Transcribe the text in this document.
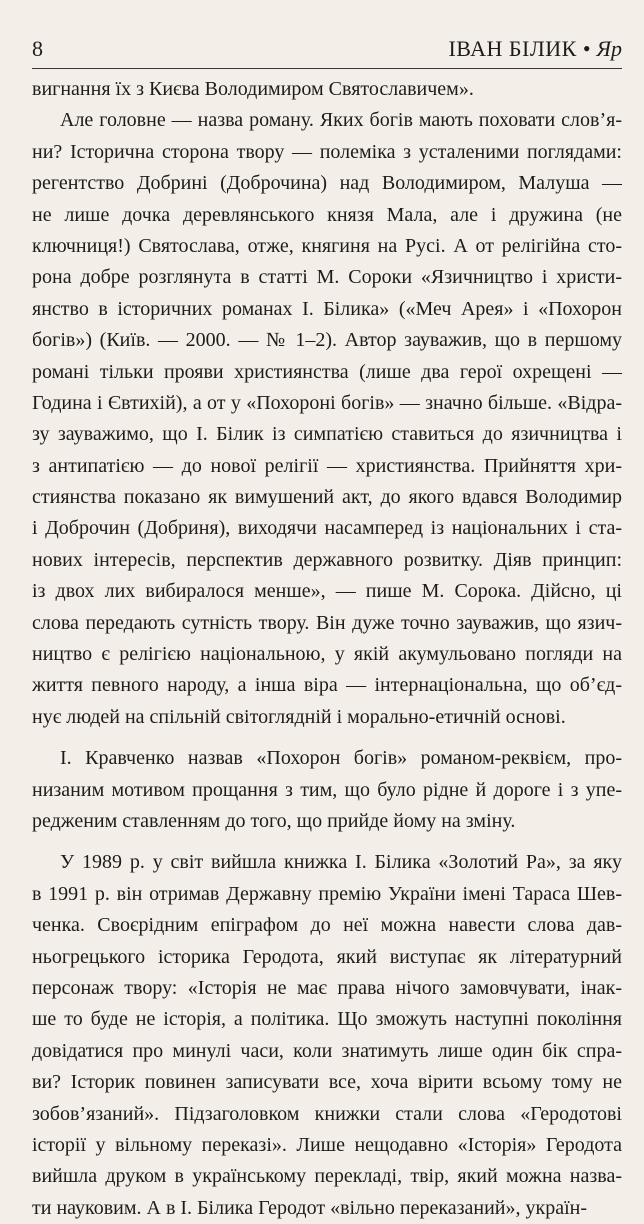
8	ІВАН БІЛИК • Яр
вигнання їх з Києва Володимиром Святославичем».
Але головне — назва роману. Яких богів мають поховати слов’я-
ни? Історична сторона твору — полеміка з усталеними поглядами:
регентство Добрині (Доброчина) над Володимиром, Малуша —
не лише дочка деревлянського князя Мала, але і дружина (не
ключниця!) Святослава, отже, княгиня на Русі. А от релігійна сто-
рона добре розглянута в статті М. Сороки «Язичництво і христи-
янство в історичних романах І. Білика» («Меч Арея» і «Похорон
богів») (Київ. — 2000. — № 1–2). Автор зауважив, що в першому
романі тільки прояви християнства (лише два герої охрещені —
Година і Євтихій), а от у «Похороні богів» — значно більше. «Відра-
зу зауважимо, що І. Білик із симпатією ставиться до язичництва і
з антипатією — до нової релігії — християнства. Прийняття хри-
стиянства показано як вимушений акт, до якого вдався Володимир
і Доброчин (Добриня), виходячи насамперед із національних і ста-
нових інтересів, перспектив державного розвитку. Діяв принцип:
із двох лих вибиралося менше», — пише М. Сорока. Дійсно, ці
слова передають сутність твору. Він дуже точно зауважив, що язич-
ництво є релігією національною, у якій акумульовано погляди на
життя певного народу, а інша віра — інтернаціональна, що об’єд-
нує людей на спільній світоглядній і морально-етичній основі.
І. Кравченко назвав «Похорон богів» романом-реквієм, про-
низаним мотивом прощання з тим, що було рідне й дороге і з упе-
редженим ставленням до того, що прийде йому на зміну.
У 1989 р. у світ вийшла книжка І. Білика «Золотий Ра», за яку
в 1991 р. він отримав Державну премію України імені Тараса Шев-
ченка. Своєрідним епіграфом до неї можна навести слова дав-
ньогрецького історика Геродота, який виступає як літературний
персонаж твору: «Історія не має права нічого замовчувати, інак-
ше то буде не історія, а політика. Що зможуть наступні покоління
довідатися про минулі часи, коли знатимуть лише один бік спра-
ви? Історик повинен записувати все, хоча вірити всьому тому не
зобов’язаний». Підзаголовком книжки стали слова «Геродотові
історії у вільному переказі». Лише нещодавно «Історія» Геродота
вийшла друком в українському перекладі, твір, який можна назва-
ти науковим. А в І. Білика Геродот «вільно переказаний», україн-
